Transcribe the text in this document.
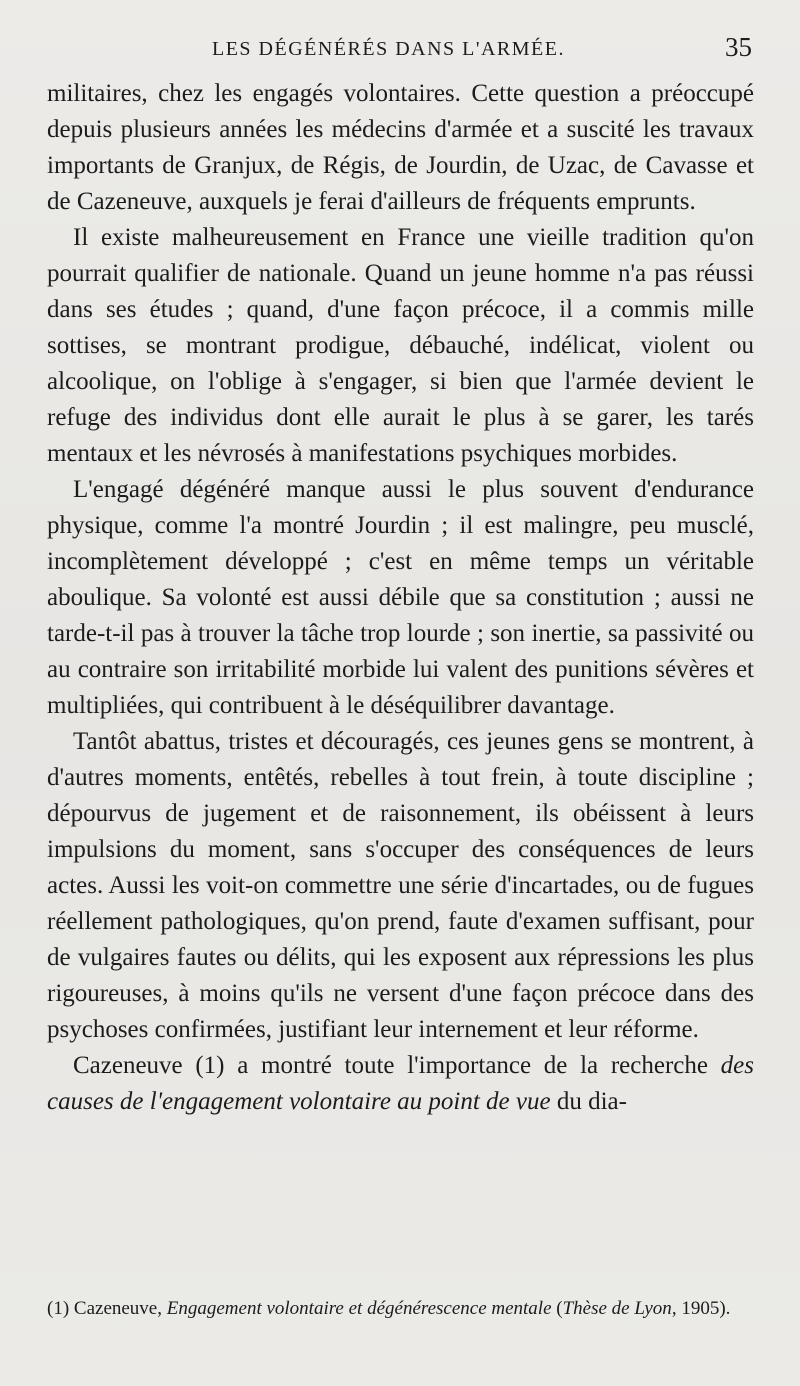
LES DÉGÉNÉRÉS DANS L'ARMÉE.	35

militaires, chez les engagés volontaires. Cette question a préoccupé depuis plusieurs années les médecins d'armée et a suscité les travaux importants de Granjux, de Régis, de Jourdin, de Uzac, de Cavasse et de Cazeneuve, auxquels je ferai d'ailleurs de fréquents emprunts.

Il existe malheureusement en France une vieille tradition qu'on pourrait qualifier de nationale. Quand un jeune homme n'a pas réussi dans ses études ; quand, d'une façon précoce, il a commis mille sottises, se montrant prodigue, débauché, indélicat, violent ou alcoolique, on l'oblige à s'engager, si bien que l'armée devient le refuge des individus dont elle aurait le plus à se garer, les tarés mentaux et les névrosés à manifestations psychiques morbides.

L'engagé dégénéré manque aussi le plus souvent d'endurance physique, comme l'a montré Jourdin ; il est malingre, peu musclé, incomplètement développé ; c'est en même temps un véritable aboulique. Sa volonté est aussi débile que sa constitution ; aussi ne tarde-t-il pas à trouver la tâche trop lourde ; son inertie, sa passivité ou au contraire son irritabilité morbide lui valent des punitions sévères et multipliées, qui contribuent à le déséquilibrer davantage.

Tantôt abattus, tristes et découragés, ces jeunes gens se montrent, à d'autres moments, entêtés, rebelles à tout frein, à toute discipline ; dépourvus de jugement et de raisonnement, ils obéissent à leurs impulsions du moment, sans s'occuper des conséquences de leurs actes. Aussi les voit-on commettre une série d'incartades, ou de fugues réellement pathologiques, qu'on prend, faute d'examen suffisant, pour de vulgaires fautes ou délits, qui les exposent aux répressions les plus rigoureuses, à moins qu'ils ne versent d'une façon précoce dans des psychoses confirmées, justifiant leur internement et leur réforme.

Cazeneuve (1) a montré toute l'importance de la recherche des causes de l'engagement volontaire au point de vue du dia-

(1) Cazeneuve, Engagement volontaire et dégénérescence mentale (Thèse de Lyon, 1905).
